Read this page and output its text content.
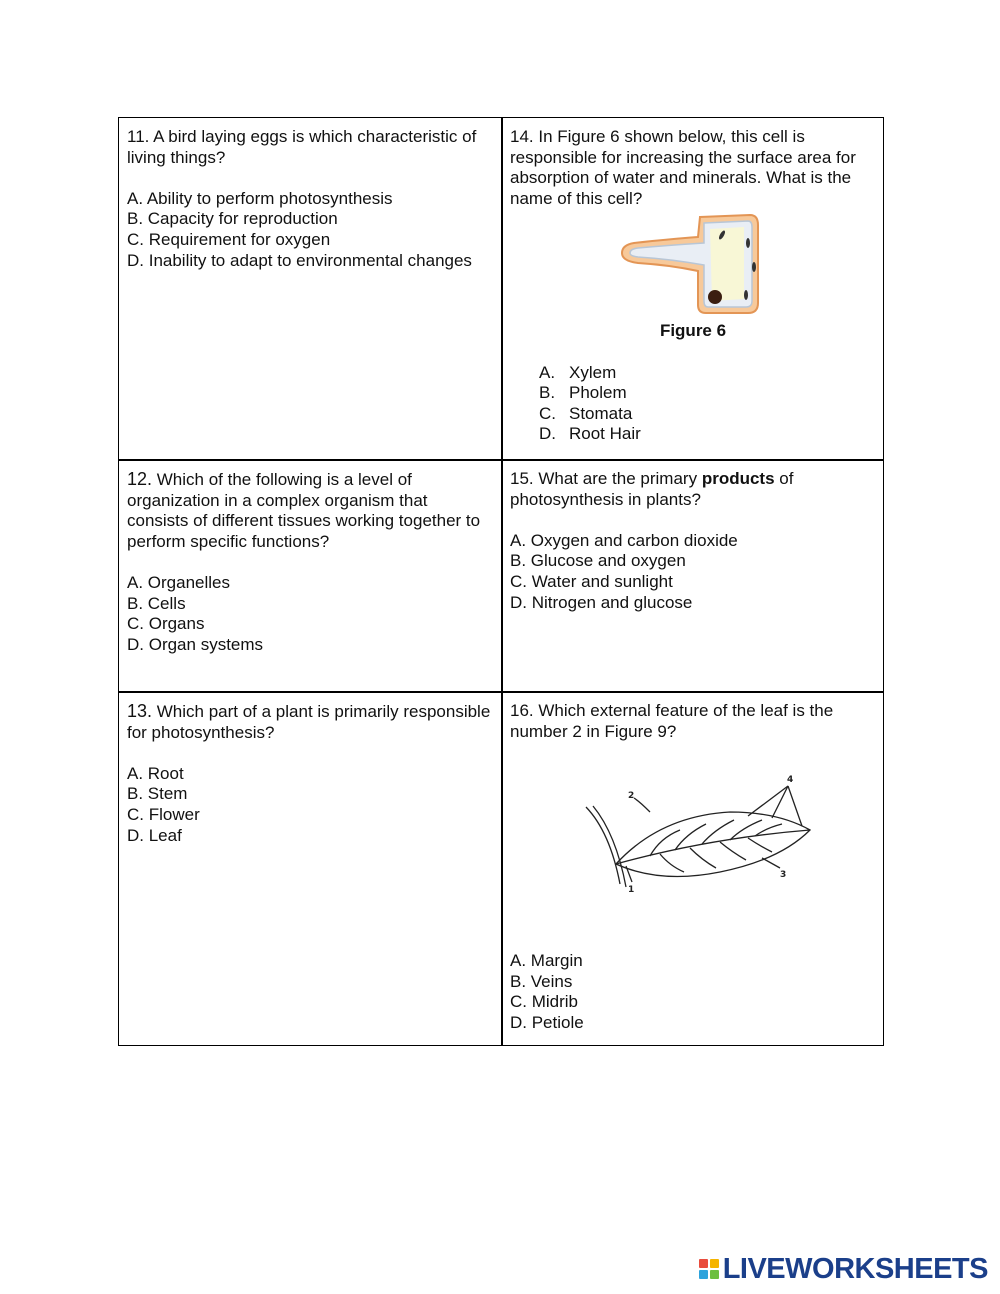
11. A bird laying eggs is which characteristic of living things?

A. Ability to perform photosynthesis

B. Capacity for reproduction

C. Requirement for oxygen

D. Inability to adapt to environmental changes

14. In Figure 6 shown below, this cell is responsible for increasing the surface area for absorption of water and minerals. What is the name of this cell?

Figure 6

A. Xylem
B. Pholem
C. Stomata
D. Root Hair

12. Which of the following is a level of organization in a complex organism that consists of different tissues working together to perform specific functions?

A. Organelles

B. Cells

C. Organs

D. Organ systems

15. What are the primary products of photosynthesis in plants?

A. Oxygen and carbon dioxide

B. Glucose and oxygen

C. Water and sunlight

D. Nitrogen and glucose

13. Which part of a plant is primarily responsible for photosynthesis?

A. Root

B. Stem

C. Flower

D. Leaf

16. Which external feature of the leaf is the number 2 in Figure 9?

2
4
3
1

A. Margin

B. Veins

C. Midrib

D. Petiole

LIVEWORKSHEETS
